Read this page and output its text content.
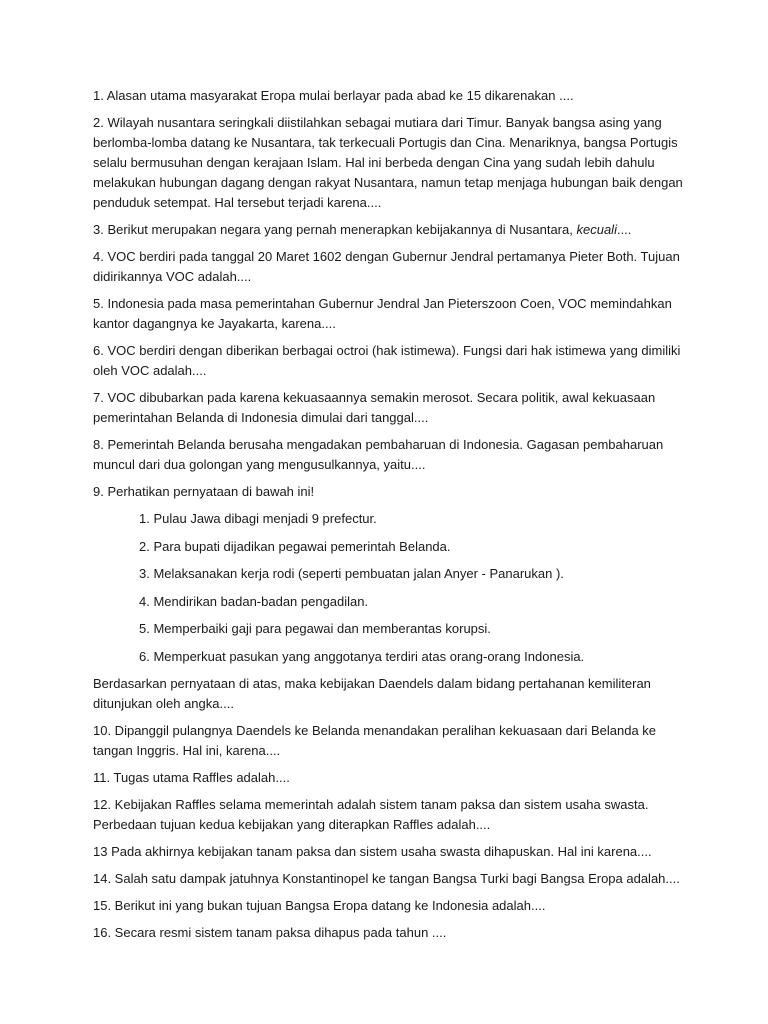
1. Alasan utama masyarakat Eropa mulai berlayar pada abad ke 15 dikarenakan ....

2. Wilayah nusantara seringkali diistilahkan sebagai mutiara dari Timur. Banyak bangsa asing yang berlomba-lomba datang ke Nusantara, tak terkecuali Portugis dan Cina. Menariknya, bangsa Portugis selalu bermusuhan dengan kerajaan Islam. Hal ini berbeda dengan Cina yang sudah lebih dahulu melakukan hubungan dagang dengan rakyat Nusantara, namun tetap menjaga hubungan baik dengan penduduk setempat. Hal tersebut terjadi karena....

3. Berikut merupakan negara yang pernah menerapkan kebijakannya di Nusantara, kecuali....

4. VOC berdiri pada tanggal 20 Maret 1602 dengan Gubernur Jendral pertamanya Pieter Both. Tujuan didirikannya VOC adalah....

5. Indonesia pada masa pemerintahan Gubernur Jendral Jan Pieterszoon Coen, VOC memindahkan kantor dagangnya ke Jayakarta, karena....

6. VOC berdiri dengan diberikan berbagai octroi (hak istimewa). Fungsi dari hak istimewa yang dimiliki oleh VOC adalah....

7. VOC dibubarkan pada karena kekuasaannya semakin merosot. Secara politik, awal kekuasaan pemerintahan Belanda di Indonesia dimulai dari tanggal....

8. Pemerintah Belanda berusaha mengadakan pembaharuan di Indonesia. Gagasan pembaharuan muncul dari dua golongan yang mengusulkannya, yaitu....

9. Perhatikan pernyataan di bawah ini!

1. Pulau Jawa dibagi menjadi 9 prefectur.
2. Para bupati dijadikan pegawai pemerintah Belanda.
3. Melaksanakan kerja rodi (seperti pembuatan jalan Anyer - Panarukan ).
4. Mendirikan badan-badan pengadilan.
5. Memperbaiki gaji para pegawai dan memberantas korupsi.
6. Memperkuat pasukan yang anggotanya terdiri atas orang-orang Indonesia.

Berdasarkan pernyataan di atas, maka kebijakan Daendels dalam bidang pertahanan kemiliteran ditunjukan oleh angka....

10. Dipanggil pulangnya Daendels ke Belanda menandakan peralihan kekuasaan dari Belanda ke tangan Inggris. Hal ini, karena....

11. Tugas utama Raffles adalah....

12. Kebijakan Raffles selama memerintah adalah sistem tanam paksa dan sistem usaha swasta. Perbedaan tujuan kedua kebijakan yang diterapkan Raffles adalah....

13 Pada akhirnya kebijakan tanam paksa dan sistem usaha swasta dihapuskan. Hal ini karena....

14. Salah satu dampak jatuhnya Konstantinopel ke tangan Bangsa Turki bagi Bangsa Eropa adalah....

15. Berikut ini yang bukan tujuan Bangsa Eropa datang ke Indonesia adalah....

16. Secara resmi sistem tanam paksa dihapus pada tahun ....
